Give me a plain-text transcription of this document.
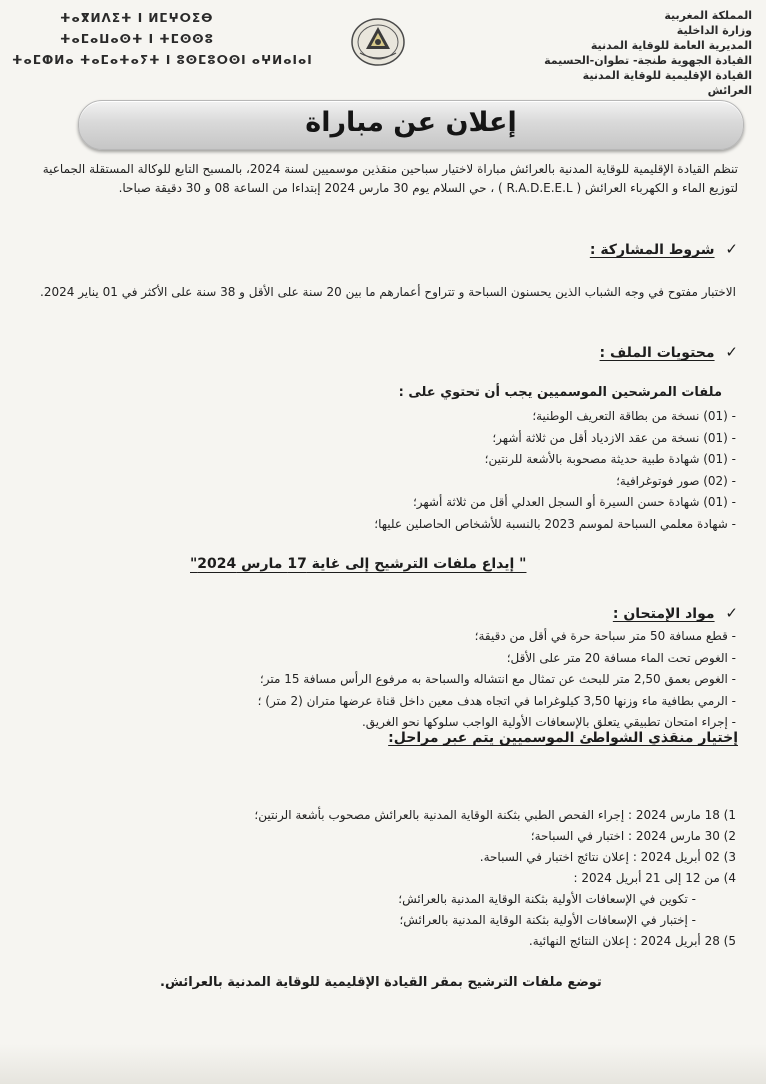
ⵜⴰⴳⵍⴷⵉⵜ ⵏ ⵍⵎⵖⵔⵉⴱ
ⵜⴰⵎⴰⵡⴰⵙⵜ ⵏ ⵜⵎⵙⵙⵓ
ⵜⴰⵎⵀⵍⴰ ⵜⴰⵎⴰⵜⴰⵢⵜ ⵏ ⵓⵙⵎⵓⵔⵙⵏ ⴰⵖⵍⴰⵏⴰⵏ
المملكة المغربية
وزارة الداخلية
المديرية العامة للوقاية المدنية
القيادة الجهوية طنجة- تطوان-الحسيمة
القيادة الإقليمية للوقاية المدنية
العرائش
إعلان عن مباراة
تنظم القيادة الإقليمية للوقاية المدنية بالعرائش مباراة لاختيار سباحين منقذين موسميين لسنة 2024، بالمسبح التابع للوكالة المستقلة الجماعية لتوزيع الماء و الكهرباء العرائش ( R.A.D.E.E.L ) ، حي السلام يوم 30 مارس 2024 إبتداءا من الساعة 08 و 30 دقيقة صباحا.
✓ شروط المشاركة :
الاختبار مفتوح في وجه الشباب الذين يحسنون السباحة و تتراوح أعمارهم ما بين 20 سنة على الأقل و 38 سنة على الأكثر في 01 يناير 2024.
✓ محتويات الملف :
ملفات المرشحين الموسميين يجب أن تحتوي على :
- (01) نسخة من بطاقة التعريف الوطنية؛
- (01) نسخة من عقد الازدياد أقل من ثلاثة أشهر؛
- (01) شهادة طبية حديثة مصحوبة بالأشعة للرنتين؛
- (02) صور فوتوغرافية؛
- (01) شهادة حسن السيرة أو السجل العدلي أقل من ثلاثة أشهر؛
- شهادة معلمي السباحة لموسم 2023 بالنسبة للأشخاص الحاصلين عليها؛
" إيداع ملفات الترشيح إلى غاية 17 مارس 2024"
✓ مواد الإمتحان :
- قطع مسافة 50 متر سباحة حرة في أقل من دقيقة؛
- الغوص تحت الماء مسافة 20 متر على الأقل؛
- الغوص بعمق 2,50 متر للبحث عن تمثال مع انتشاله والسباحة به مرفوع الرأس مسافة 15 متر؛
- الرمي بطافية ماء وزنها 3,50 كيلوغراما في اتجاه هدف معين داخل قناة عرضها متران (2 متر) ؛
- إجراء امتحان تطبيقي يتعلق بالإسعافات الأولية الواجب سلوكها نحو الغريق.
إختيار منقذي الشواطئ الموسميين يتم عبر مراحل:
1) 18 مارس 2024 : إجراء الفحص الطبي بثكنة الوقاية المدنية بالعرائش مصحوب بأشعة الرنتين؛
2) 30 مارس 2024 : اختبار في السباحة؛
3) 02 أبريل 2024 : إعلان نتائج اختبار في السباحة.
4) من 12 إلى 21 أبريل 2024 :
- تكوين في الإسعافات الأولية بثكنة الوقاية المدنية بالعرائش؛
- إختبار في الإسعافات الأولية بثكنة الوقاية المدنية بالعرائش؛
5) 28 أبريل 2024 : إعلان النتائج النهائية.
توضع ملفات الترشيح بمقر القيادة الإقليمية للوقاية المدنية بالعرائش.
